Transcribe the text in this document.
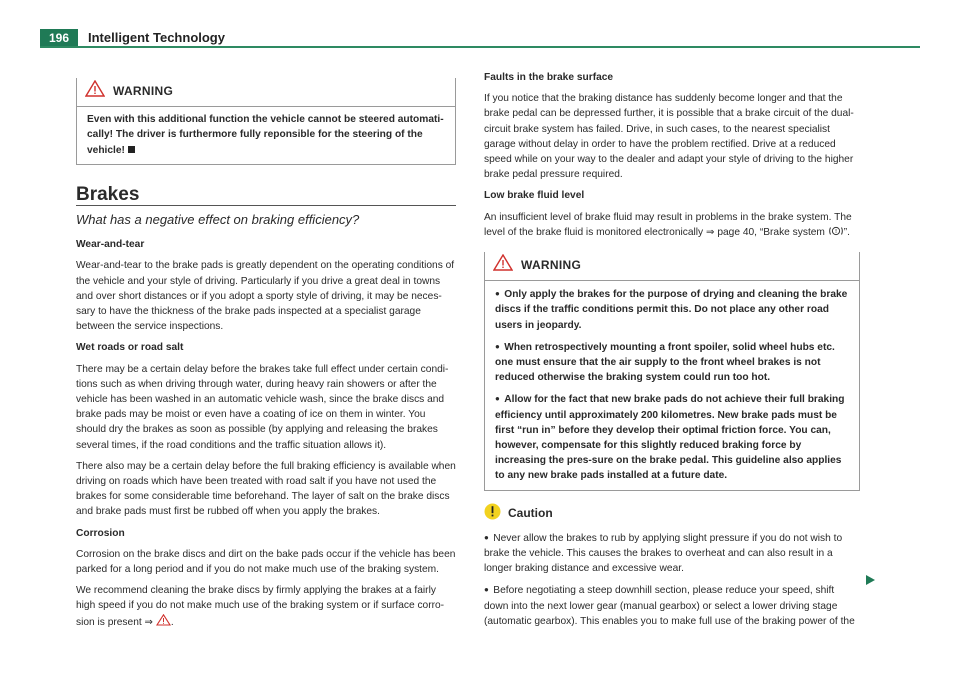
196	Intelligent Technology
WARNING
Even with this additional function the vehicle cannot be steered automati-cally! The driver is furthermore fully reponsible for the steering of the vehicle!
Brakes
What has a negative effect on braking efficiency?

Wear-and-tear

Wear-and-tear to the brake pads is greatly dependent on the operating conditions of the vehicle and your style of driving. Particularly if you drive a great deal in towns and over short distances or if you adopt a sporty style of driving, it may be neces-sary to have the thickness of the brake pads inspected at a specialist garage between the service inspections.

Wet roads or road salt

There may be a certain delay before the brakes take full effect under certain condi-tions such as when driving through water, during heavy rain showers or after the vehicle has been washed in an automatic vehicle wash, since the brake discs and brake pads may be moist or even have a coating of ice on them in winter. You should dry the brakes as soon as possible (by applying and releasing the brakes several times, if the road conditions and the traffic situation allows it).

There also may be a certain delay before the full braking efficiency is available when driving on roads which have been treated with road salt if you have not used the brakes for some considerable time beforehand. The layer of salt on the brake discs and brake pads must first be rubbed off when you apply the brakes.

Corrosion

Corrosion on the brake discs and dirt on the bake pads occur if the vehicle has been parked for a long period and if you do not make much use of the braking system.

We recommend cleaning the brake discs by firmly applying the brakes at a fairly high speed if you do not make much use of the braking system or if surface corro-sion is present ⇒ .

Faults in the brake surface

If you notice that the braking distance has suddenly become longer and that the brake pedal can be depressed further, it is possible that a brake circuit of the dual-circuit brake system has failed. Drive, in such cases, to the nearest specialist garage without delay in order to have the problem rectified. Drive at a reduced speed while on your way to the dealer and adapt your style of driving to the higher brake pedal pressure required.

Low brake fluid level

An insufficient level of brake fluid may result in problems in the brake system. The level of the brake fluid is monitored electronically ⇒ page 40, “Brake system ! ”.

WARNING

●  Only apply the brakes for the purpose of drying and cleaning the brake discs if the traffic conditions permit this. Do not place any other road users in jeopardy.

●  When retrospectively mounting a front spoiler, solid wheel hubs etc. one must ensure that the air supply to the front wheel brakes is not reduced otherwise the braking system could run too hot.

●  Allow for the fact that new brake pads do not achieve their full braking efficiency until approximately 200 kilometres. New brake pads must be first “run in” before they develop their optimal friction force. You can, however, compensate for this slightly reduced braking force by increasing the pres-sure on the brake pedal. This guideline also applies to any new brake pads installed at a future date.

Caution

●  Never allow the brakes to rub by applying slight pressure if you do not wish to brake the vehicle. This causes the brakes to overheat and can also result in a longer braking distance and excessive wear.

●  Before negotiating a steep downhill section, please reduce your speed, shift down into the next lower gear (manual gearbox) or select a lower driving stage (automatic gearbox). This enables you to make full use of the braking power of the
